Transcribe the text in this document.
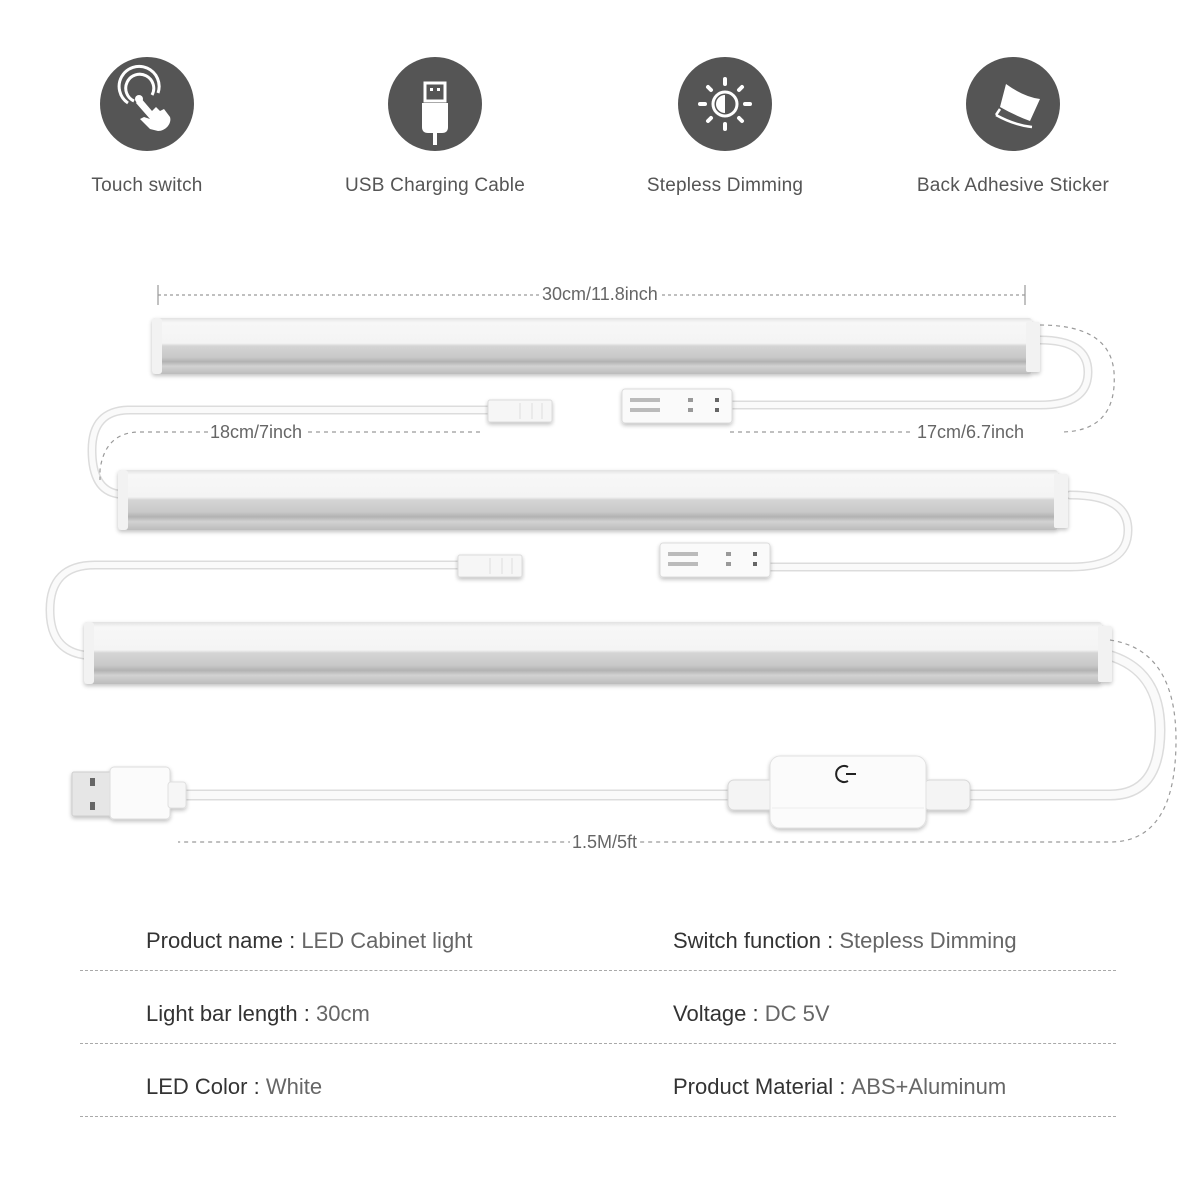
Touch switch	USB Charging Cable	Stepless Dimming	Back Adhesive Sticker
30cm/11.8inch
18cm/7inch	17cm/6.7inch
1.5M/5ft
Product name : LED Cabinet light	Switch function : Stepless Dimming
Light bar length : 30cm	Voltage : DC 5V
LED Color : White	Product Material : ABS+Aluminum
